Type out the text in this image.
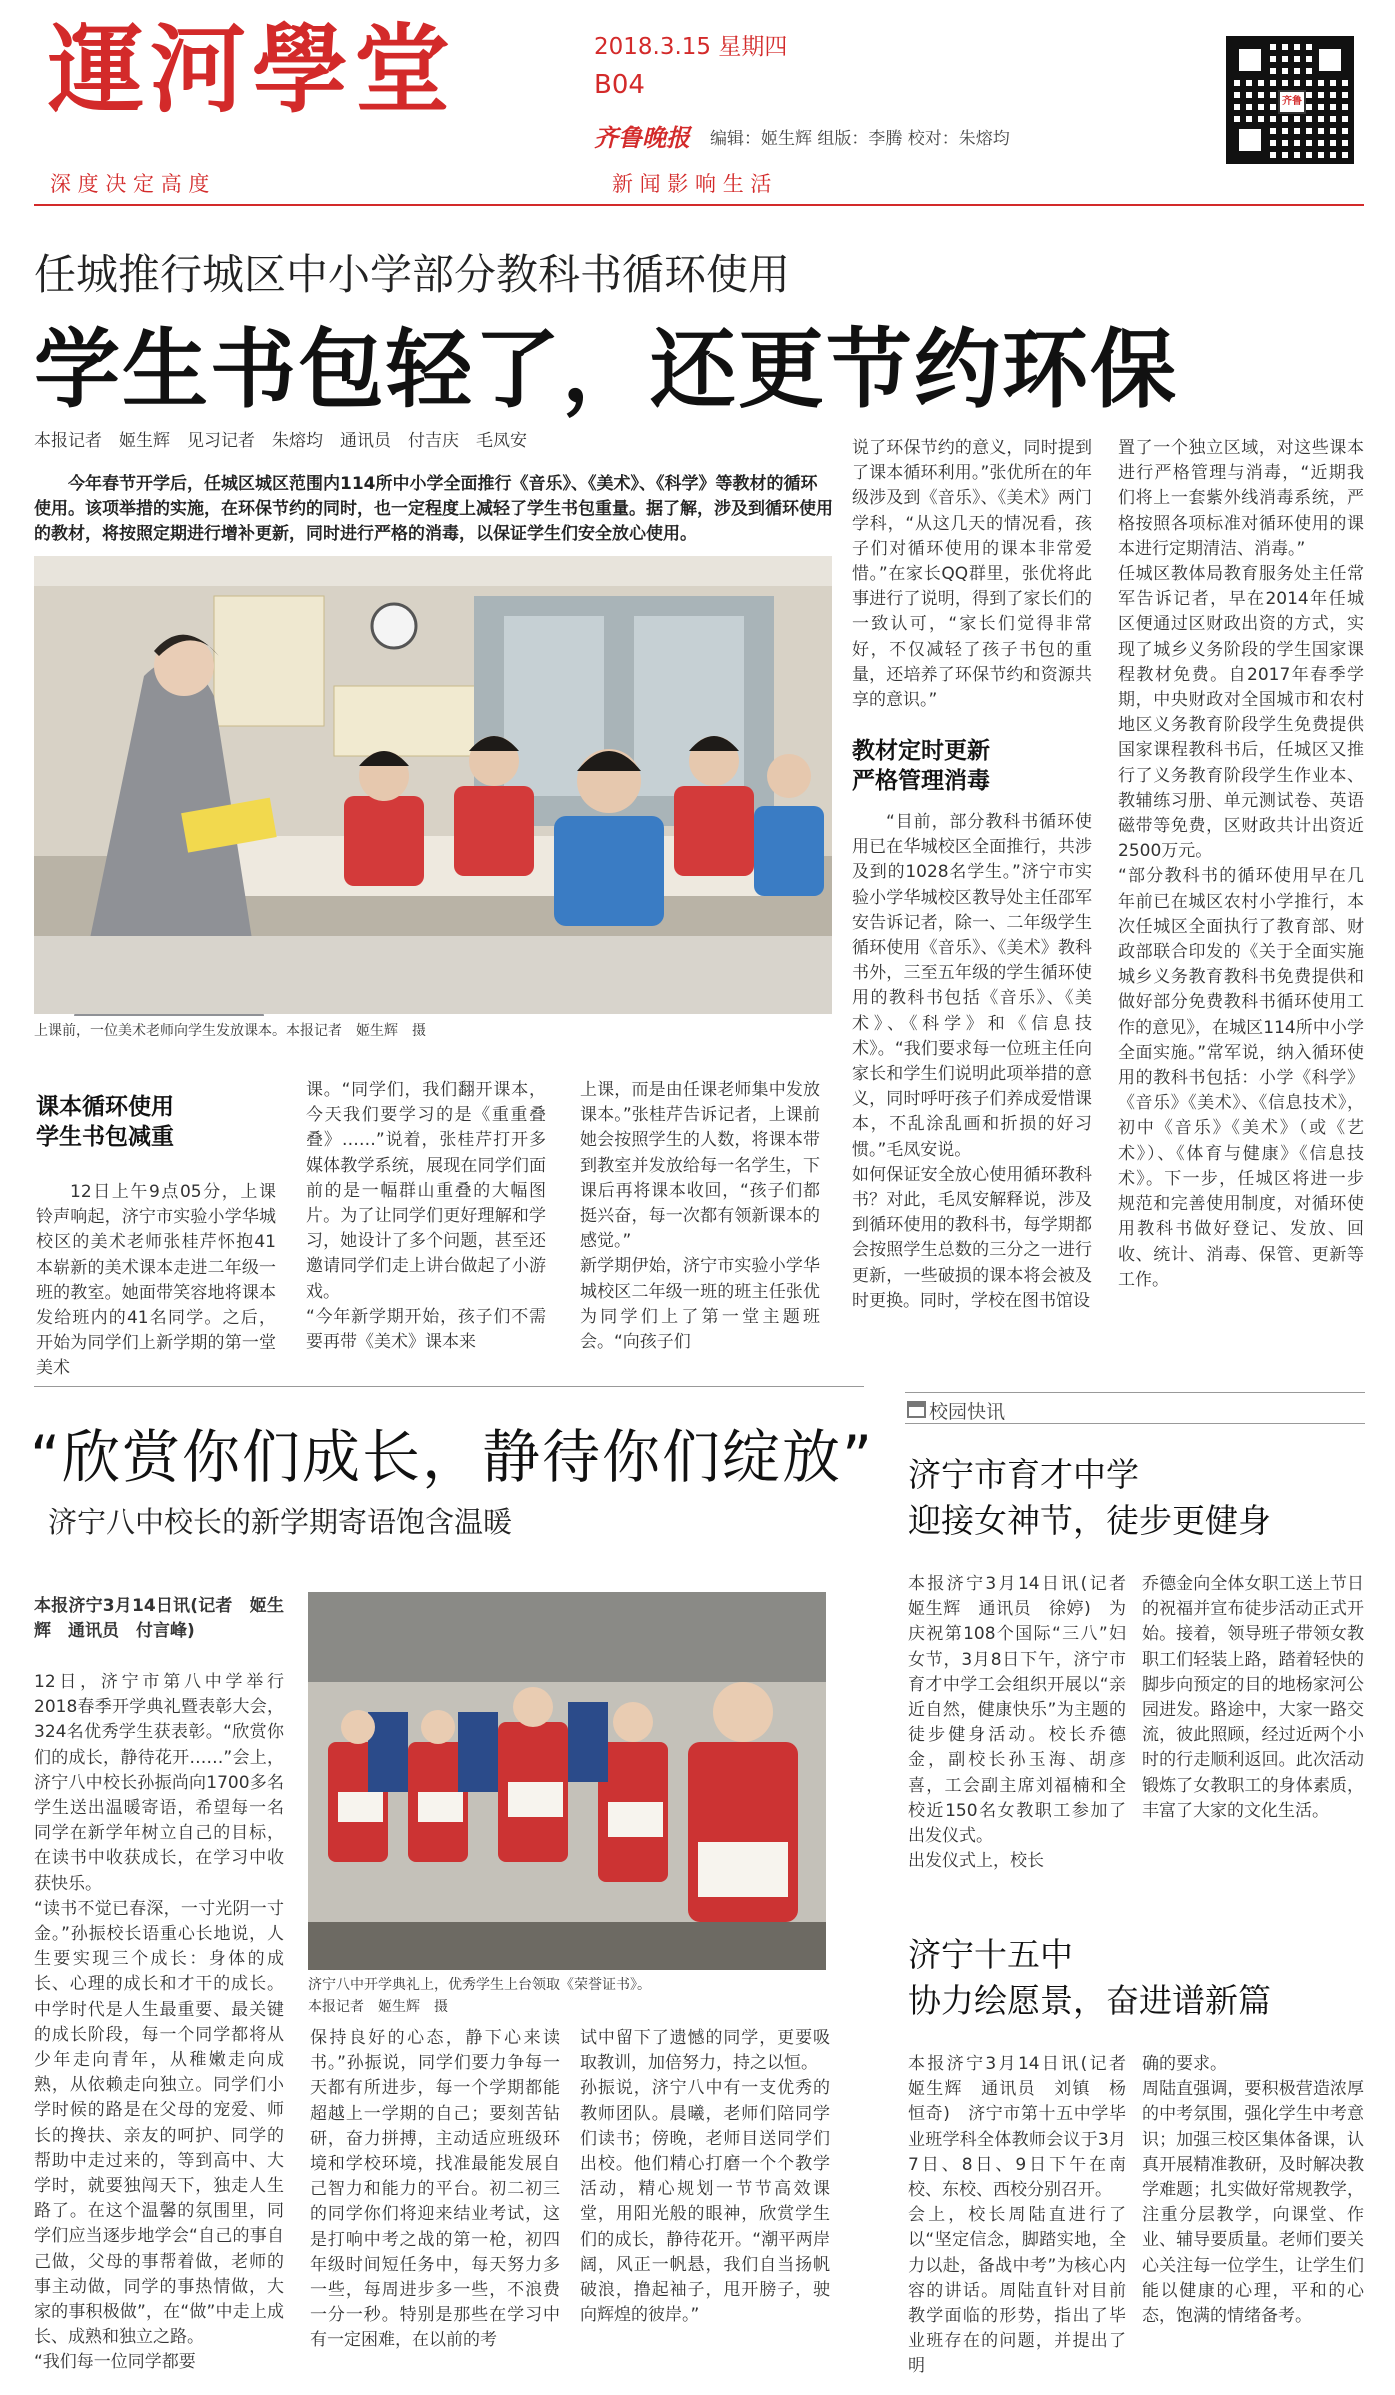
運河學堂	2018.3.15 星期四
B04
齐鲁晚报 编辑：姬生辉 组版：李腾 校对：朱熔均
齐鲁
深 度 决 定 高 度	新 闻 影 响 生 活
任城推行城区中小学部分教科书循环使用
学生书包轻了，还更节约环保
本报记者　姬生辉　见习记者　朱熔均　通讯员　付吉庆　毛凤安
今年春节开学后，任城区城区范围内114所中小学全面推行《音乐》、《美术》、《科学》等教材的循环使用。该项举措的实施，在环保节约的同时，也一定程度上减轻了学生书包重量。据了解，涉及到循环使用的教材，将按照定期进行增补更新，同时进行严格的消毒，以保证学生们安全放心使用。
上课前，一位美术老师向学生发放课本。本报记者　姬生辉　摄
课本循环使用
学生书包减重
12日上午9点05分，上课铃声响起，济宁市实验小学华城校区的美术老师张桂芹怀抱41本崭新的美术课本走进二年级一班的教室。她面带笑容地将课本发给班内的41名同学。之后，开始为同学们上新学期的第一堂美术
课。“同学们，我们翻开课本，今天我们要学习的是《重重叠叠》……”说着，张桂芹打开多媒体教学系统，展现在同学们面前的是一幅群山重叠的大幅图片。为了让同学们更好理解和学习，她设计了多个问题，甚至还邀请同学们走上讲台做起了小游戏。
“今年新学期开始，孩子们不需要再带《美术》课本来
上课，而是由任课老师集中发放课本。”张桂芹告诉记者，上课前她会按照学生的人数，将课本带到教室并发放给每一名学生，下课后再将课本收回，“孩子们都挺兴奋，每一次都有领新课本的感觉。”
新学期伊始，济宁市实验小学华城校区二年级一班的班主任张优为同学们上了第一堂主题班会。“向孩子们
说了环保节约的意义，同时提到了课本循环利用。”张优所在的年级涉及到《音乐》、《美术》两门学科，“从这几天的情况看，孩子们对循环使用的课本非常爱惜。”在家长QQ群里，张优将此事进行了说明，得到了家长们的一致认可，“家长们觉得非常好，不仅减轻了孩子书包的重量，还培养了环保节约和资源共享的意识。”
教材定时更新
严格管理消毒
“目前，部分教科书循环使用已在华城校区全面推行，共涉及到的1028名学生。”济宁市实验小学华城校区教导处主任邵军安告诉记者，除一、二年级学生循环使用《音乐》、《美术》教科书外，三至五年级的学生循环使用的教科书包括《音乐》、《美术》、《科学》和《信息技术》。“我们要求每一位班主任向家长和学生们说明此项举措的意义，同时呼吁孩子们养成爱惜课本，不乱涂乱画和折损的好习惯。”毛凤安说。
如何保证安全放心使用循环教科书？对此，毛凤安解释说，涉及到循环使用的教科书，每学期都会按照学生总数的三分之一进行更新，一些破损的课本将会被及时更换。同时，学校在图书馆设
置了一个独立区域，对这些课本进行严格管理与消毒，“近期我们将上一套紫外线消毒系统，严格按照各项标准对循环使用的课本进行定期清洁、消毒。”
任城区教体局教育服务处主任常军告诉记者，早在2014年任城区便通过区财政出资的方式，实现了城乡义务阶段的学生国家课程教材免费。自2017年春季学期，中央财政对全国城市和农村地区义务教育阶段学生免费提供国家课程教科书后，任城区又推行了义务教育阶段学生作业本、教辅练习册、单元测试卷、英语磁带等免费，区财政共计出资近2500万元。
“部分教科书的循环使用早在几年前已在城区农村小学推行，本次任城区全面执行了教育部、财政部联合印发的《关于全面实施城乡义务教育教科书免费提供和做好部分免费教科书循环使用工作的意见》，在城区114所中小学全面实施。”常军说，纳入循环使用的教科书包括：小学《科学》《音乐》《美术》、《信息技术》，初中《音乐》《美术》（或《艺术》）、《体育与健康》《信息技术》。下一步，任城区将进一步规范和完善使用制度，对循环使用教科书做好登记、发放、回收、统计、消毒、保管、更新等工作。
“欣赏你们成长，静待你们绽放”
济宁八中校长的新学期寄语饱含温暖
本报济宁3月14日讯(记者　姬生辉　通讯员　付言峰)
12日，济宁市第八中学举行2018春季开学典礼暨表彰大会，324名优秀学生获表彰。“欣赏你们的成长，静待花开……”会上，济宁八中校长孙振尚向1700多名学生送出温暖寄语，希望每一名同学在新学年树立自己的目标，在读书中收获成长，在学习中收获快乐。
“读书不觉已春深，一寸光阴一寸金。”孙振校长语重心长地说，人生要实现三个成长：身体的成长、心理的成长和才干的成长。中学时代是人生最重要、最关键的成长阶段，每一个同学都将从少年走向青年，从稚嫩走向成熟，从依赖走向独立。同学们小学时候的路是在父母的宠爱、师长的搀扶、亲友的呵护、同学的帮助中走过来的，等到高中、大学时，就要独闯天下，独走人生路了。在这个温馨的氛围里，同学们应当逐步地学会“自己的事自己做，父母的事帮着做，老师的事主动做，同学的事热情做，大家的事积极做”，在“做”中走上成长、成熟和独立之路。
“我们每一位同学都要
济宁八中开学典礼上，优秀学生上台领取《荣誉证书》。
本报记者　姬生辉　摄
保持良好的心态，静下心来读书。”孙振说，同学们要力争每一天都有所进步，每一个学期都能超越上一学期的自己；要刻苦钻研，奋力拼搏，主动适应班级环境和学校环境，找准最能发展自己智力和能力的平台。初二初三的同学你们将迎来结业考试，这是打响中考之战的第一枪，初四年级时间短任务中，每天努力多一些，每周进步多一些，不浪费一分一秒。特别是那些在学习中有一定困难，在以前的考
试中留下了遗憾的同学，更要吸取教训，加倍努力，持之以恒。
孙振说，济宁八中有一支优秀的教师团队。晨曦，老师们陪同学们读书；傍晚，老师目送同学们出校。他们精心打磨一个个教学活动，精心规划一节节高效课堂，用阳光般的眼神，欣赏学生们的成长，静待花开。“潮平两岸阔，风正一帆悬，我们自当扬帆破浪，撸起袖子，甩开膀子，驶向辉煌的彼岸。”
校园快讯
济宁市育才中学
迎接女神节，徒步更健身
本报济宁3月14日讯(记者　姬生辉　通讯员　徐婷)　为庆祝第108个国际“三八”妇女节，3月8日下午，济宁市育才中学工会组织开展以“亲近自然，健康快乐”为主题的徒步健身活动。校长乔德金，副校长孙玉海、胡彦喜，工会副主席刘福楠和全校近150名女教职工参加了出发仪式。
出发仪式上，校长
乔德金向全体女职工送上节日的祝福并宣布徒步活动正式开始。接着，领导班子带领女教职工们轻装上路，踏着轻快的脚步向预定的目的地杨家河公园进发。路途中，大家一路交流，彼此照顾，经过近两个小时的行走顺利返回。此次活动锻炼了女教职工的身体素质，丰富了大家的文化生活。
济宁十五中
协力绘愿景，奋进谱新篇
本报济宁3月14日讯(记者　姬生辉　通讯员　刘镇　杨恒奇)　济宁市第十五中学毕业班学科全体教师会议于3月7日、8日、9日下午在南校、东校、西校分别召开。
会上，校长周陆直进行了以“坚定信念，脚踏实地，全力以赴，备战中考”为核心内容的讲话。周陆直针对目前教学面临的形势，指出了毕业班存在的问题，并提出了明
确的要求。
周陆直强调，要积极营造浓厚的中考氛围，强化学生中考意识；加强三校区集体备课，认真开展精准教研，及时解决教学难题；扎实做好常规教学，注重分层教学，向课堂、作业、辅导要质量。老师们要关心关注每一位学生，让学生们能以健康的心理，平和的心态，饱满的情绪备考。
